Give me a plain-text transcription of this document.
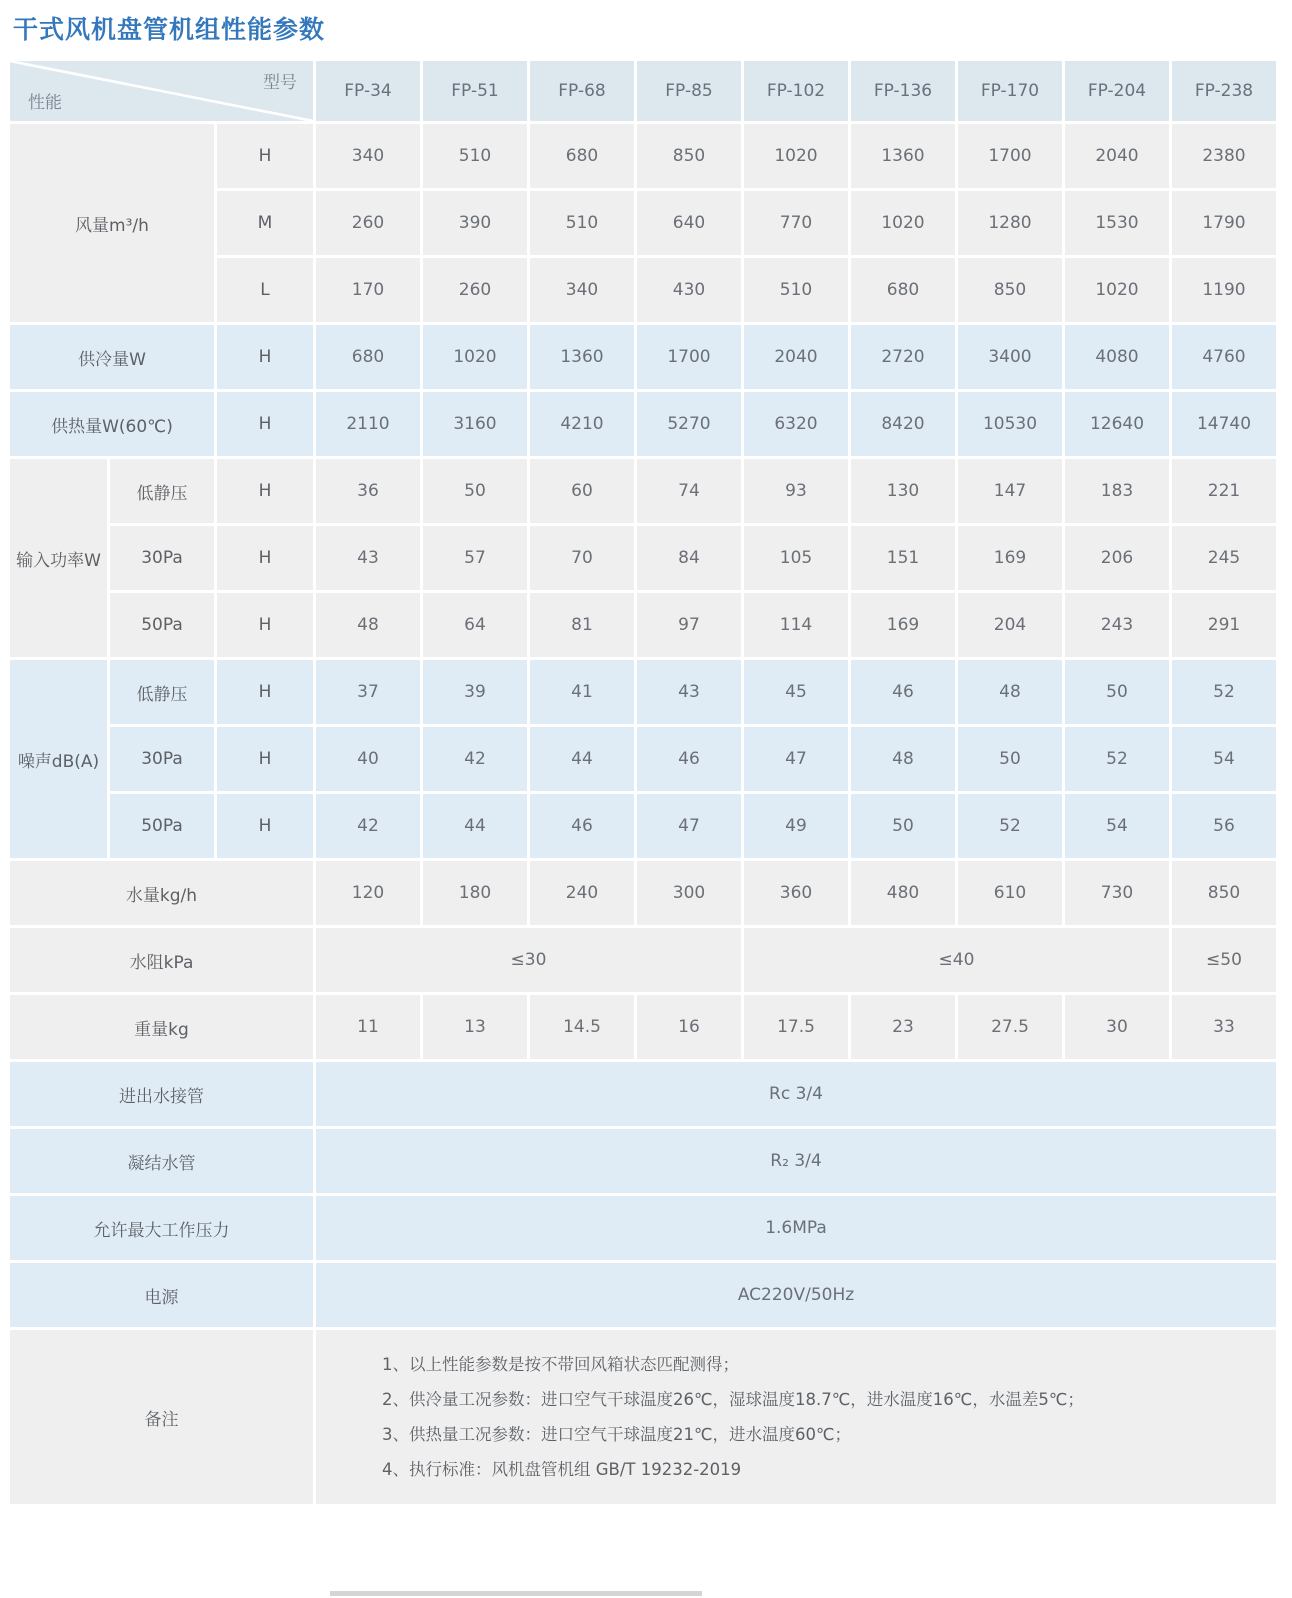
干式风机盘管机组性能参数
型号
性能			FP-34	FP-51	FP-68	FP-85	FP-102	FP-136	FP-170	FP-204	FP-238
风量m³/h		H	340	510	680	850	1020	1360	1700	2040	2380
		M	260	390	510	640	770	1020	1280	1530	1790
		L	170	260	340	430	510	680	850	1020	1190
供冷量W		H	680	1020	1360	1700	2040	2720	3400	4080	4760
供热量W(60℃)		H	2110	3160	4210	5270	6320	8420	10530	12640	14740
输入功率W	低静压	H	36	50	60	74	93	130	147	183	221
	30Pa	H	43	57	70	84	105	151	169	206	245
	50Pa	H	48	64	81	97	114	169	204	243	291
噪声dB(A)	低静压	H	37	39	41	43	45	46	48	50	52
	30Pa	H	40	42	44	46	47	48	50	52	54
	50Pa	H	42	44	46	47	49	50	52	54	56
水量kg/h			120	180	240	300	360	480	610	730	850
水阻kPa			≤30				≤40				≤50
重量kg			11	13	14.5	16	17.5	23	27.5	30	33
进出水接管			Rc 3/4								
凝结水管			R₂ 3/4								
允许最大工作压力			1.6MPa								
电源			AC220V/50Hz								
备注			1、以上性能参数是按不带回风箱状态匹配测得；
2、供冷量工况参数：进口空气干球温度26℃，湿球温度18.7℃，进水温度16℃，水温差5℃；
3、供热量工况参数：进口空气干球温度21℃，进水温度60℃；
4、执行标准：风机盘管机组 GB/T 19232-2019								
